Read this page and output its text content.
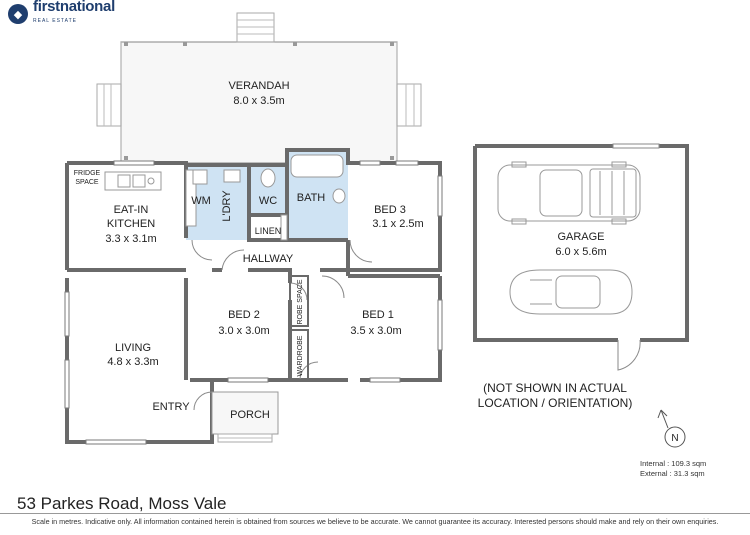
◆ firstnational
REAL ESTATE
VERANDAH
8.0 x 3.5m
FRIDGE
SPACE
EAT-IN
KITCHEN
3.3 x 3.1m
WM L'DRY WC BATH
LINEN
BED 3
3.1 x 2.5m
HALLWAY
BED 2
3.0 x 3.0m
ROBE SPACE
WARDROBE
BED 1
3.5 x 3.0m
LIVING
4.8 x 3.3m
ENTRY
PORCH
GARAGE
6.0 x 5.6m
(NOT SHOWN IN ACTUAL
LOCATION / ORIENTATION)
N
Internal : 109.3 sqm
External : 31.3 sqm
53 Parkes Road, Moss Vale
Scale in metres. Indicative only. All information contained herein is obtained from sources we believe to be accurate. We cannot guarantee its accuracy. Interested persons should make and rely on their own enquiries.
